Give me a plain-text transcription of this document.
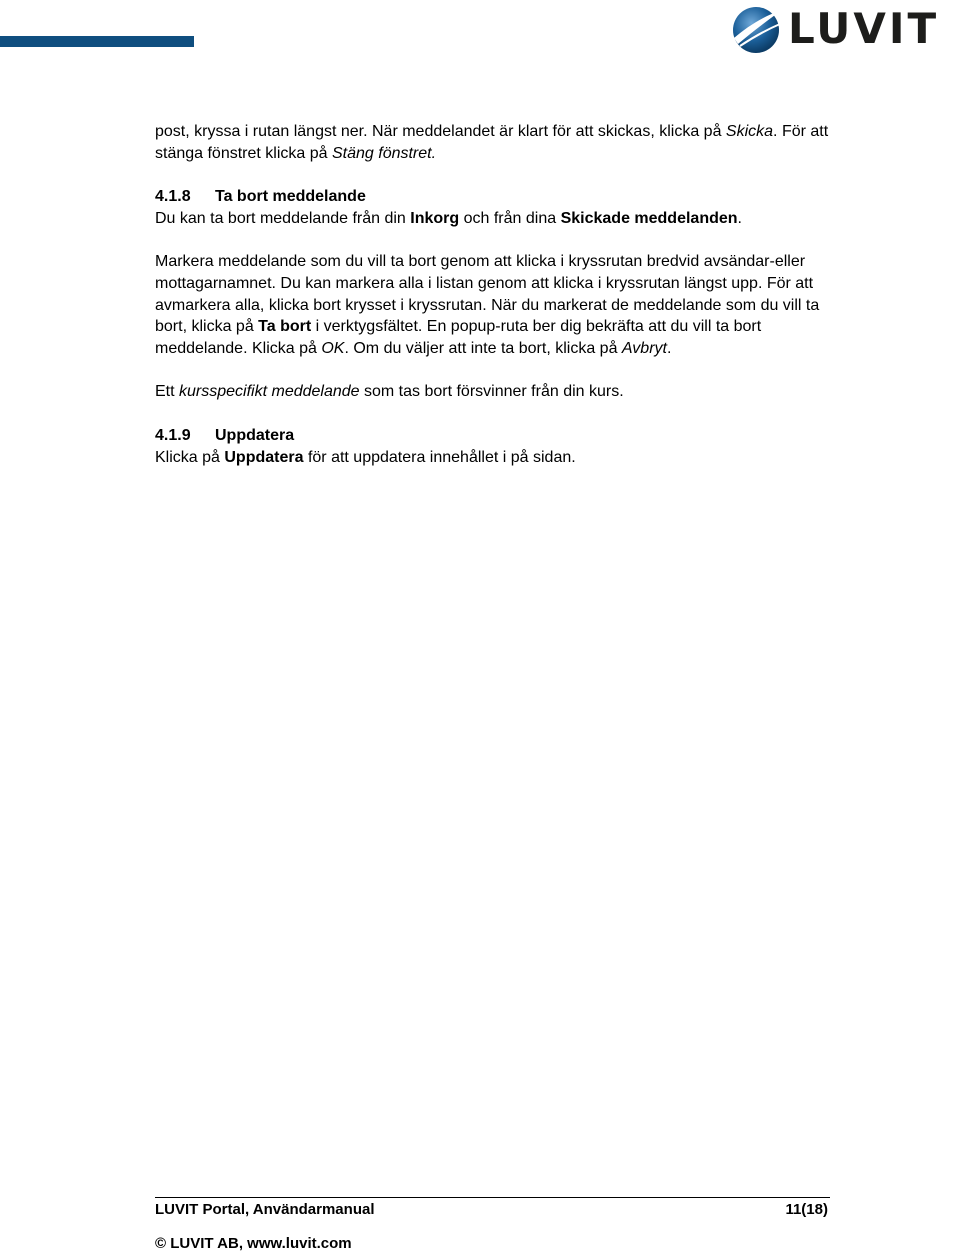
LUVIT

post, kryssa i rutan längst ner. När meddelandet är klart för att skickas, klicka på Skicka. För att stänga fönstret klicka på Stäng fönstret.

4.1.8 Ta bort meddelande

Du kan ta bort meddelande från din Inkorg och från dina Skickade meddelanden.

Markera meddelande som du vill ta bort genom att klicka i kryssrutan bredvid avsändar-eller mottagarnamnet. Du kan markera alla i listan genom att klicka i kryssrutan längst upp. För att avmarkera alla, klicka bort krysset i kryssrutan. När du markerat de meddelande som du vill ta bort, klicka på Ta bort i verktygsfältet. En popup-ruta ber dig bekräfta att du vill ta bort meddelande. Klicka på OK. Om du väljer att inte ta bort, klicka på Avbryt.

Ett kursspecifikt meddelande som tas bort försvinner från din kurs.

4.1.9 Uppdatera

Klicka på Uppdatera för att uppdatera innehållet i på sidan.

LUVIT Portal, Användarmanual	11(18)
© LUVIT AB, www.luvit.com
